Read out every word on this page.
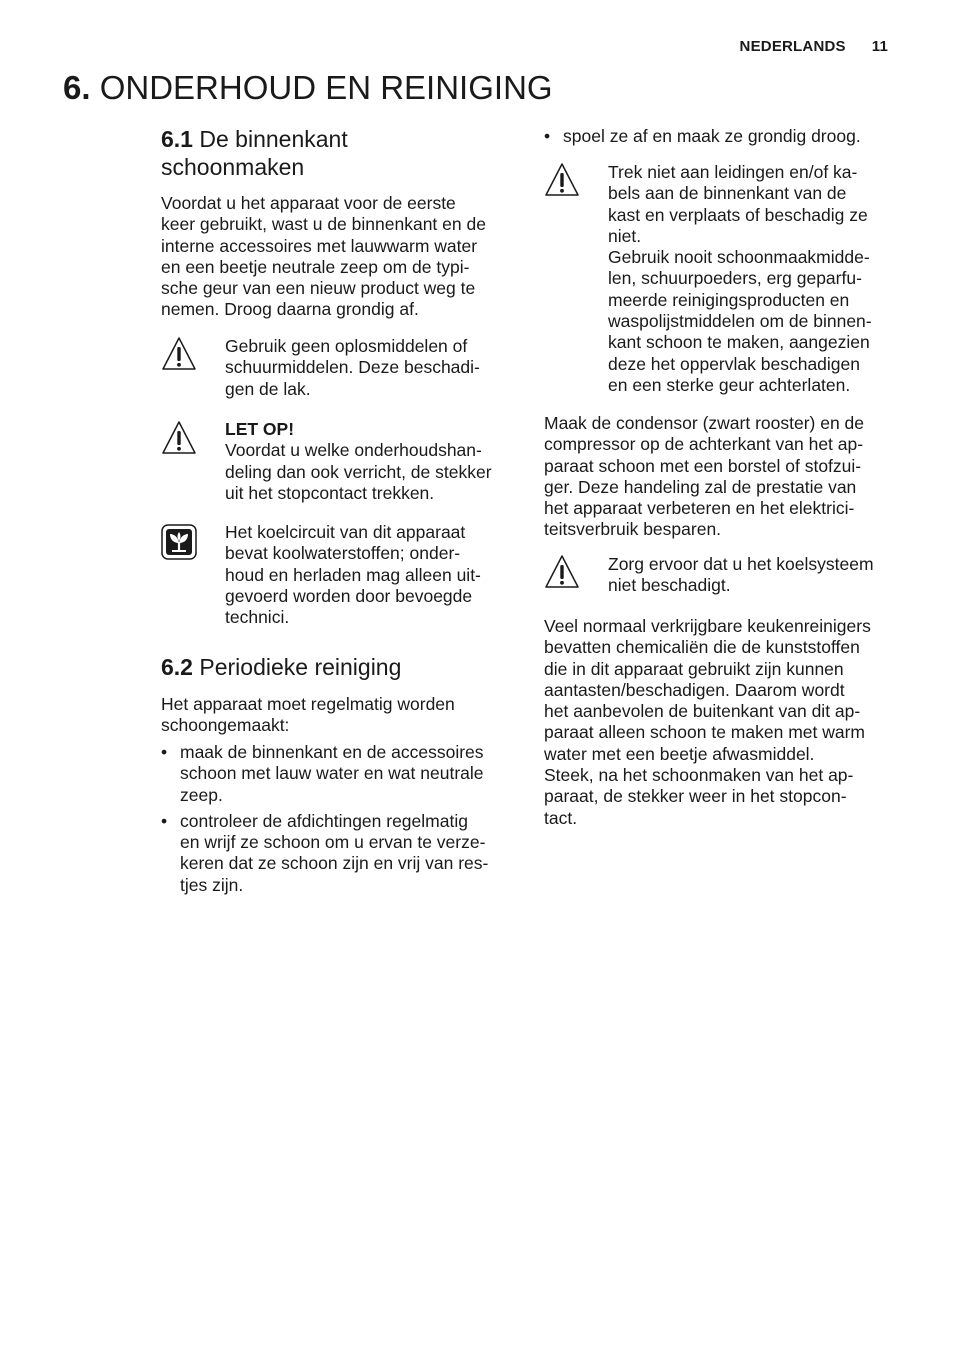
NEDERLANDS 11
6. ONDERHOUD EN REINIGING
6.1 De binnenkant
schoonmaken

Voordat u het apparaat voor de eerste
keer gebruikt, wast u de binnenkant en de
interne accessoires met lauwwarm water
en een beetje neutrale zeep om de typi-
sche geur van een nieuw product weg te
nemen. Droog daarna grondig af.

Gebruik geen oplosmiddelen of
schuurmiddelen. Deze beschadi-
gen de lak.

LET OP!
Voordat u welke onderhoudshan-
deling dan ook verricht, de stekker
uit het stopcontact trekken.

Het koelcircuit van dit apparaat
bevat koolwaterstoffen; onder-
houd en herladen mag alleen uit-
gevoerd worden door bevoegde
technici.

6.2 Periodieke reiniging

Het apparaat moet regelmatig worden
schoongemaakt:

• maak de binnenkant en de accessoires
schoon met lauw water en wat neutrale
zeep.
• controleer de afdichtingen regelmatig
en wrijf ze schoon om u ervan te verze-
keren dat ze schoon zijn en vrij van res-
tjes zijn.
• spoel ze af en maak ze grondig droog.

Trek niet aan leidingen en/of ka-
bels aan de binnenkant van de
kast en verplaats of beschadig ze
niet.
Gebruik nooit schoonmaakmidde-
len, schuurpoeders, erg geparfu-
meerde reinigingsproducten en
waspolijstmiddelen om de binnen-
kant schoon te maken, aangezien
deze het oppervlak beschadigen
en een sterke geur achterlaten.

Maak de condensor (zwart rooster) en de
compressor op de achterkant van het ap-
paraat schoon met een borstel of stofzui-
ger. Deze handeling zal de prestatie van
het apparaat verbeteren en het elektrici-
teitsverbruik besparen.

Zorg ervoor dat u het koelsysteem
niet beschadigt.

Veel normaal verkrijgbare keukenreinigers
bevatten chemicaliën die de kunststoffen
die in dit apparaat gebruikt zijn kunnen
aantasten/beschadigen. Daarom wordt
het aanbevolen de buitenkant van dit ap-
paraat alleen schoon te maken met warm
water met een beetje afwasmiddel.
Steek, na het schoonmaken van het ap-
paraat, de stekker weer in het stopcon-
tact.
